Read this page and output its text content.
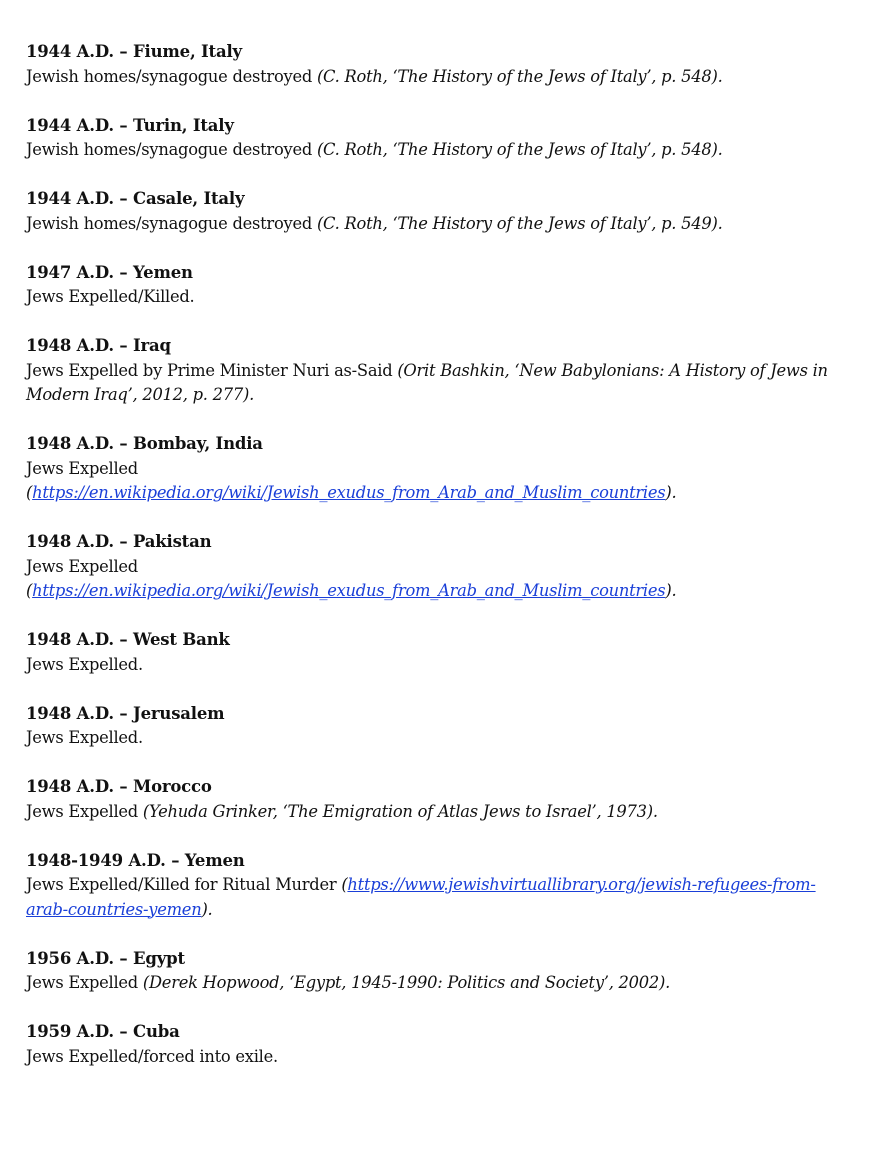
1944 A.D. – Fiume, Italy
Jewish homes/synagogue destroyed (C. Roth, ‘The History of the Jews of Italy’, p. 548).
1944 A.D. – Turin, Italy
Jewish homes/synagogue destroyed (C. Roth, ‘The History of the Jews of Italy’, p. 548).
1944 A.D. – Casale, Italy
Jewish homes/synagogue destroyed (C. Roth, ‘The History of the Jews of Italy’, p. 549).
1947 A.D. – Yemen
Jews Expelled/Killed.
1948 A.D. – Iraq
Jews Expelled by Prime Minister Nuri as-Said (Orit Bashkin, ‘New Babylonians: A History of Jews in Modern Iraq’, 2012, p. 277).
1948 A.D. – Bombay, India
Jews Expelled
(https://en.wikipedia.org/wiki/Jewish_exudus_from_Arab_and_Muslim_countries).
1948 A.D. – Pakistan
Jews Expelled
(https://en.wikipedia.org/wiki/Jewish_exudus_from_Arab_and_Muslim_countries).
1948 A.D. – West Bank
Jews Expelled.
1948 A.D. – Jerusalem
Jews Expelled.
1948 A.D. – Morocco
Jews Expelled (Yehuda Grinker, ‘The Emigration of Atlas Jews to Israel’, 1973).
1948-1949 A.D. – Yemen
Jews Expelled/Killed for Ritual Murder (https://www.jewishvirtuallibrary.org/jewish-refugees-from-arab-countries-yemen).
1956 A.D. – Egypt
Jews Expelled (Derek Hopwood, ‘Egypt, 1945-1990: Politics and Society’, 2002).
1959 A.D. – Cuba
Jews Expelled/forced into exile.
